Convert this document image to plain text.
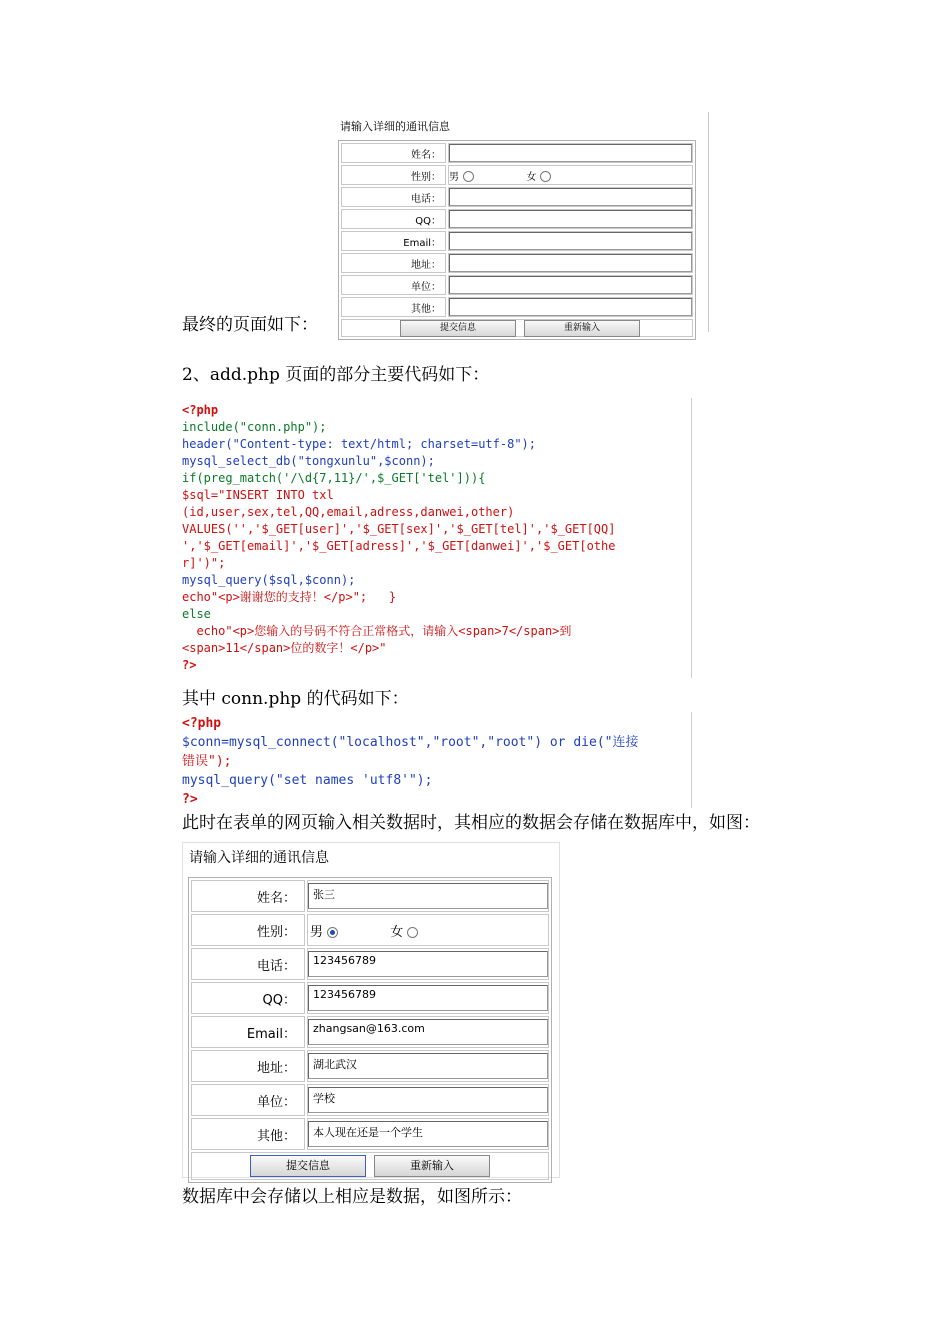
请输入详细的通讯信息
姓名：	

性别：	男 女
电话：	

QQ：	

Email：	

地址：	

单位：	

其他：	

提交信息 重新输入	
最终的页面如下：
2、add.php 页面的部分主要代码如下：
<?php
include("conn.php");
header("Content-type: text/html; charset=utf-8");
mysql_select_db("tongxunlu",$conn);
if(preg_match('/\d{7,11}/',$_GET['tel'])){
$sql="INSERT INTO txl
(id,user,sex,tel,QQ,email,adress,danwei,other)
VALUES('','$_GET[user]','$_GET[sex]','$_GET[tel]','$_GET[QQ]
','$_GET[email]','$_GET[adress]','$_GET[danwei]','$_GET[othe
r]')";
mysql_query($sql,$conn);
echo"<p>谢谢您的支持！</p>";   }
else
echo"<p>您输入的号码不符合正常格式，请输入<span>7</span>到
<span>11</span>位的数字！</p>"
?>
其中 conn.php 的代码如下：
<?php
$conn=mysql_connect("localhost","root","root") or die("连接
错误");
mysql_query("set names 'utf8'");
?>
此时在表单的网页输入相关数据时，其相应的数据会存储在数据库中，如图：
请输入详细的通讯信息
姓名：	张三

性别：	男 女
电话：	123456789

QQ：	123456789

Email：	zhangsan@163.com

地址：	湖北武汉

单位：	学校

其他：	本人现在还是一个学生

提交信息 重新输入	
数据库中会存储以上相应是数据，如图所示：
